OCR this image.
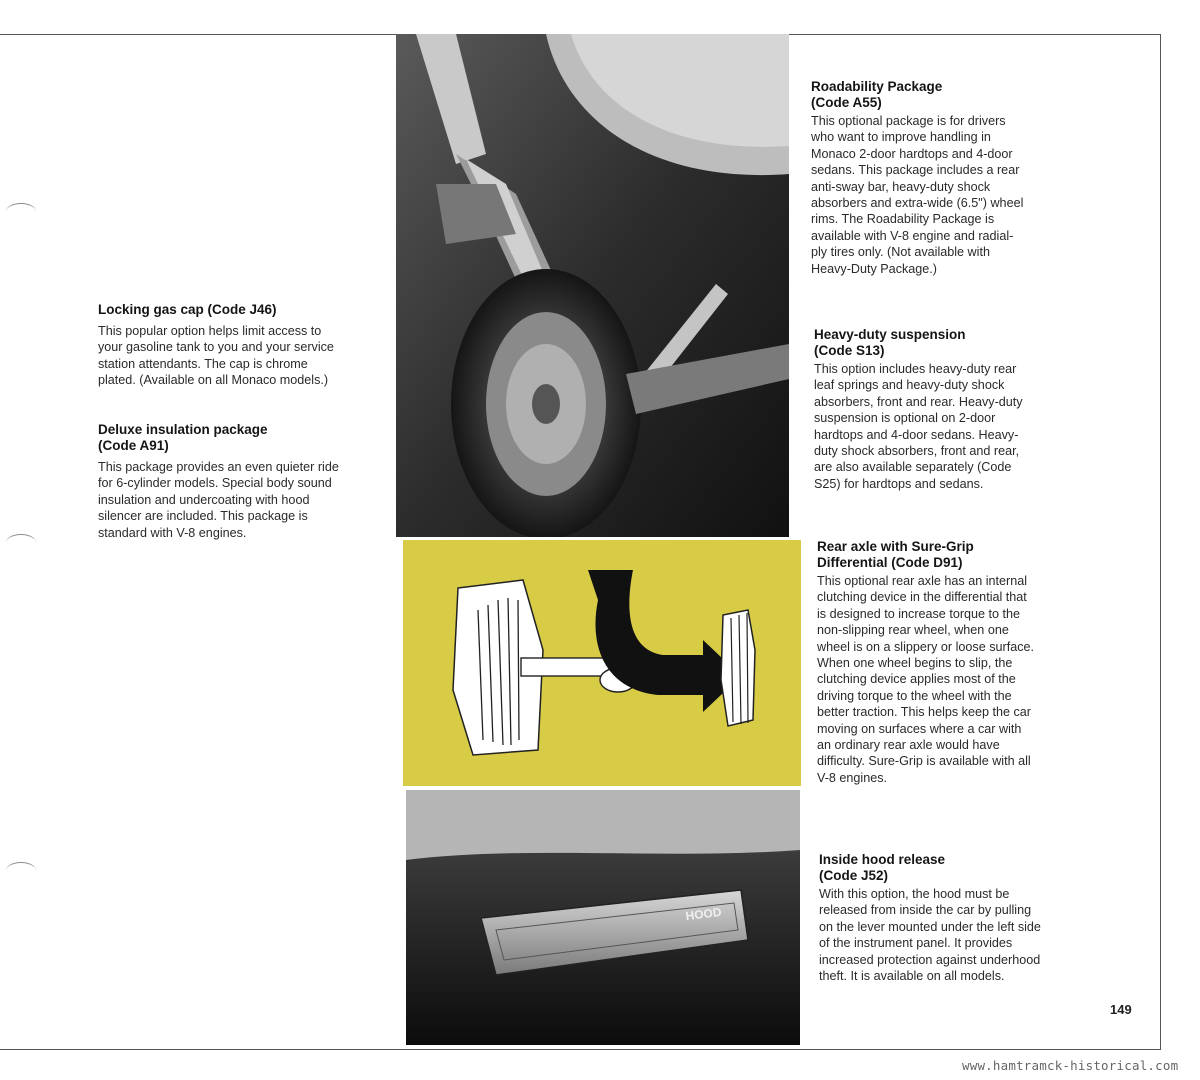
Locking gas cap (Code J46)

This popular option helps limit access to your gasoline tank to you and your service station attendants. The cap is chrome plated. (Available on all Monaco models.)

Deluxe insulation package (Code A91)

This package provides an even quieter ride for 6-cylinder models. Special body sound insulation and undercoating with hood silencer are included. This package is standard with V-8 engines.

HOOD
Roadability Package (Code A55)

This optional package is for drivers who want to improve handling in Monaco 2-door hardtops and 4-door sedans. This package includes a rear anti-sway bar, heavy-duty shock absorbers and extra-wide (6.5") wheel rims. The Roadability Package is available with V-8 engine and radial-ply tires only. (Not available with Heavy-Duty Package.)

Heavy-duty suspension (Code S13)

This option includes heavy-duty rear leaf springs and heavy-duty shock absorbers, front and rear. Heavy-duty suspension is optional on 2-door hardtops and 4-door sedans. Heavy-duty shock absorbers, front and rear, are also available separately (Code S25) for hardtops and sedans.

Rear axle with Sure-Grip Differential (Code D91)

This optional rear axle has an internal clutching device in the differential that is designed to increase torque to the non-slipping rear wheel, when one wheel is on a slippery or loose surface. When one wheel begins to slip, the clutching device applies most of the driving torque to the wheel with the better traction. This helps keep the car moving on surfaces where a car with an ordinary rear axle would have difficulty. Sure-Grip is available with all V-8 engines.

Inside hood release (Code J52)

With this option, the hood must be released from inside the car by pulling on the lever mounted under the left side of the instrument panel. It provides increased protection against underhood theft. It is available on all models.

149
www.hamtramck-historical.com
